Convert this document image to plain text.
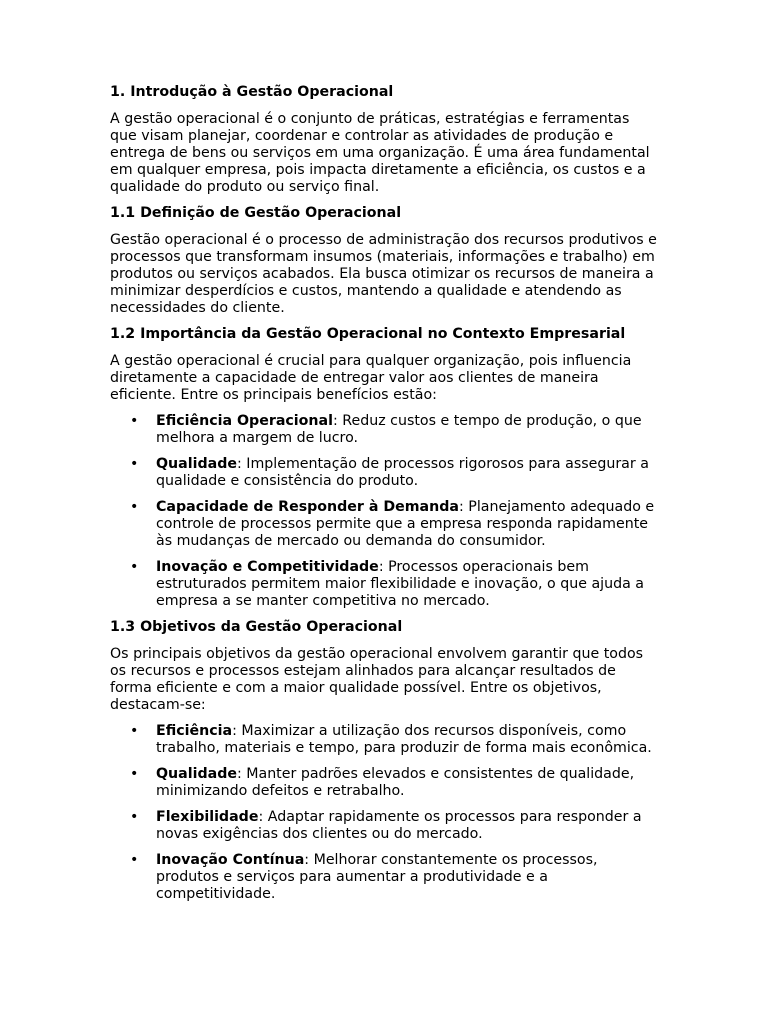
1. Introdução à Gestão Operacional

A gestão operacional é o conjunto de práticas, estratégias e ferramentas que visam planejar, coordenar e controlar as atividades de produção e entrega de bens ou serviços em uma organização. É uma área fundamental em qualquer empresa, pois impacta diretamente a eficiência, os custos e a qualidade do produto ou serviço final.

1.1 Definição de Gestão Operacional

Gestão operacional é o processo de administração dos recursos produtivos e processos que transformam insumos (materiais, informações e trabalho) em produtos ou serviços acabados. Ela busca otimizar os recursos de maneira a minimizar desperdícios e custos, mantendo a qualidade e atendendo as necessidades do cliente.

1.2 Importância da Gestão Operacional no Contexto Empresarial

A gestão operacional é crucial para qualquer organização, pois influencia diretamente a capacidade de entregar valor aos clientes de maneira eficiente. Entre os principais benefícios estão:

• Eficiência Operacional: Reduz custos e tempo de produção, o que melhora a margem de lucro.
• Qualidade: Implementação de processos rigorosos para assegurar a qualidade e consistência do produto.
• Capacidade de Responder à Demanda: Planejamento adequado e controle de processos permite que a empresa responda rapidamente às mudanças de mercado ou demanda do consumidor.
• Inovação e Competitividade: Processos operacionais bem estruturados permitem maior flexibilidade e inovação, o que ajuda a empresa a se manter competitiva no mercado.
1.3 Objetivos da Gestão Operacional

Os principais objetivos da gestão operacional envolvem garantir que todos os recursos e processos estejam alinhados para alcançar resultados de forma eficiente e com a maior qualidade possível. Entre os objetivos, destacam-se:

• Eficiência: Maximizar a utilização dos recursos disponíveis, como trabalho, materiais e tempo, para produzir de forma mais econômica.
• Qualidade: Manter padrões elevados e consistentes de qualidade, minimizando defeitos e retrabalho.
• Flexibilidade: Adaptar rapidamente os processos para responder a novas exigências dos clientes ou do mercado.
• Inovação Contínua: Melhorar constantemente os processos, produtos e serviços para aumentar a produtividade e a competitividade.
